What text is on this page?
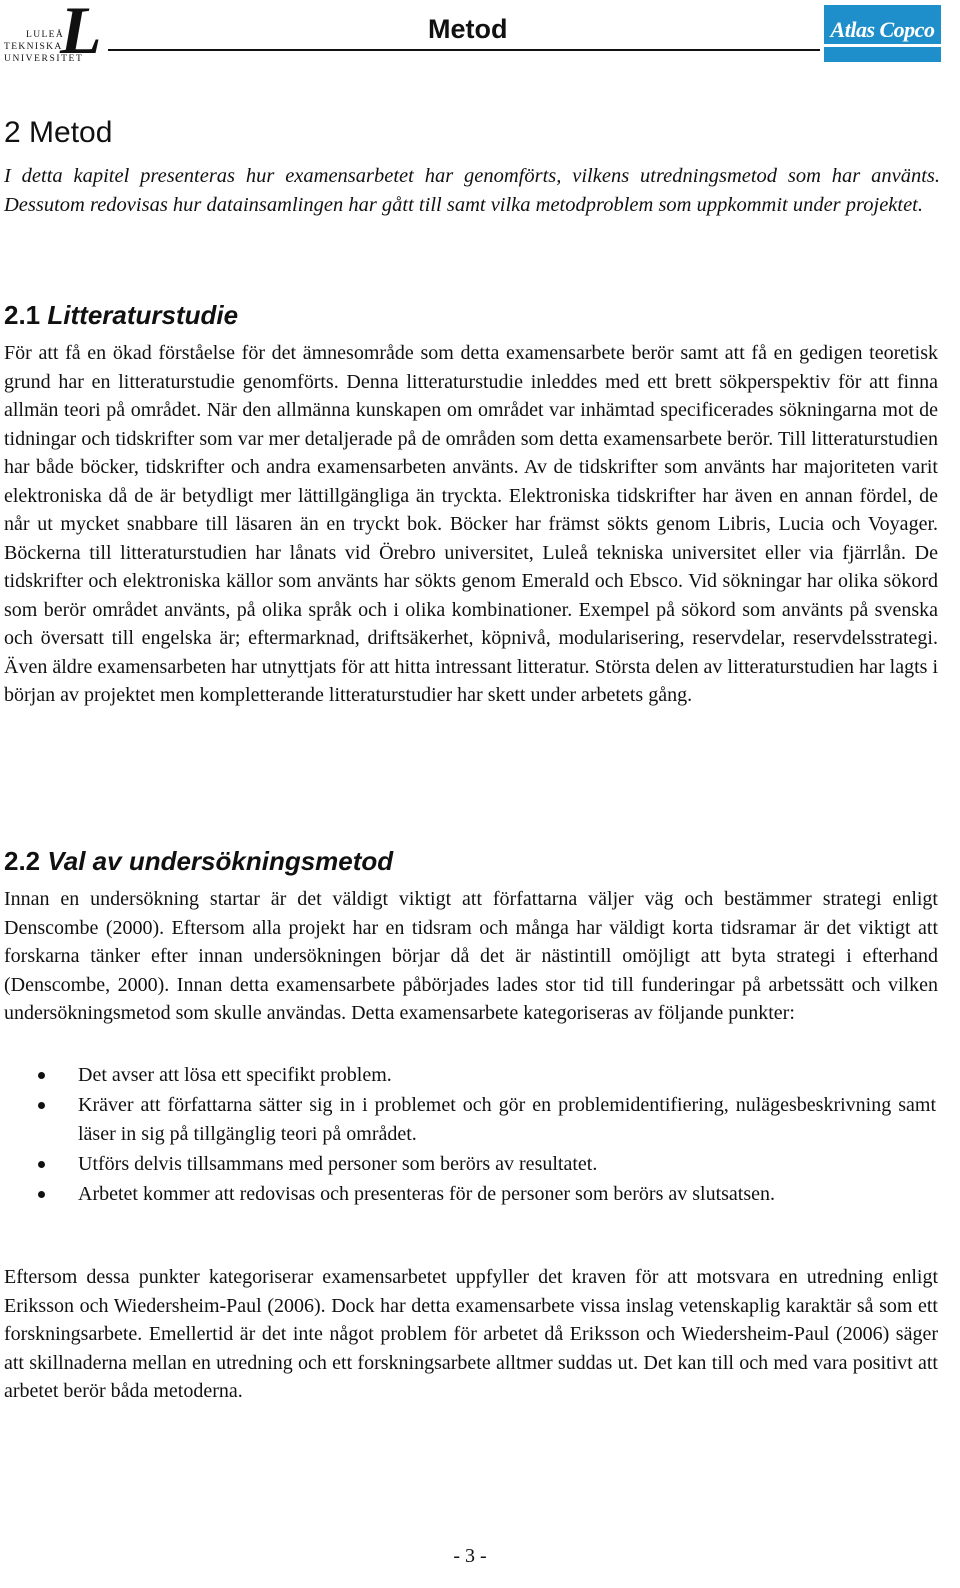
L
LULEÅ
TEKNISKA
UNIVERSITET
Metod	Atlas Copco
2 Metod

I detta kapitel presenteras hur examensarbetet har genomförts, vilkens utredningsmetod som har använts. Dessutom redovisas hur datainsamlingen har gått till samt vilka metodproblem som uppkommit under projektet.

2.1 Litteraturstudie

För att få en ökad förståelse för det ämnesområde som detta examensarbete berör samt att få en gedigen teoretisk grund har en litteraturstudie genomförts. Denna litteraturstudie inleddes med ett brett sökperspektiv för att finna allmän teori på området. När den allmänna kunskapen om området var inhämtad specificerades sökningarna mot de tidningar och tidskrifter som var mer detaljerade på de områden som detta examensarbete berör. Till litteraturstudien har både böcker, tidskrifter och andra examensarbeten använts. Av de tidskrifter som använts har majoriteten varit elektroniska då de är betydligt mer lättillgängliga än tryckta. Elektroniska tidskrifter har även en annan fördel, de når ut mycket snabbare till läsaren än en tryckt bok. Böcker har främst sökts genom Libris, Lucia och Voyager. Böckerna till litteraturstudien har lånats vid Örebro universitet, Luleå tekniska universitet eller via fjärrlån. De tidskrifter och elektroniska källor som använts har sökts genom Emerald och Ebsco. Vid sökningar har olika sökord som berör området använts, på olika språk och i olika kombinationer. Exempel på sökord som använts på svenska och översatt till engelska är; eftermarknad, driftsäkerhet, köpnivå, modularisering, reservdelar, reservdelsstrategi. Även äldre examensarbeten har utnyttjats för att hitta intressant litteratur. Största delen av litteraturstudien har lagts i början av projektet men kompletterande litteraturstudier har skett under arbetets gång.

2.2 Val av undersökningsmetod

Innan en undersökning startar är det väldigt viktigt att författarna väljer väg och bestämmer strategi enligt Denscombe (2000). Eftersom alla projekt har en tidsram och många har väldigt korta tidsramar är det viktigt att forskarna tänker efter innan undersökningen börjar då det är nästintill omöjligt att byta strategi i efterhand (Denscombe, 2000). Innan detta examensarbete påbörjades lades stor tid till funderingar på arbetssätt och vilken undersökningsmetod som skulle användas. Detta examensarbete kategoriseras av följande punkter:

Det avser att lösa ett specifikt problem.
Kräver att författarna sätter sig in i problemet och gör en problemidentifiering, nulägesbeskrivning samt läser in sig på tillgänglig teori på området.
Utförs delvis tillsammans med personer som berörs av resultatet.
Arbetet kommer att redovisas och presenteras för de personer som berörs av slutsatsen.

Eftersom dessa punkter kategoriserar examensarbetet uppfyller det kraven för att motsvara en utredning enligt Eriksson och Wiedersheim-Paul (2006). Dock har detta examensarbete vissa inslag vetenskaplig karaktär så som ett forskningsarbete. Emellertid är det inte något problem för arbetet då Eriksson och Wiedersheim-Paul (2006) säger att skillnaderna mellan en utredning och ett forskningsarbete alltmer suddas ut. Det kan till och med vara positivt att arbetet berör båda metoderna.

- 3 -
